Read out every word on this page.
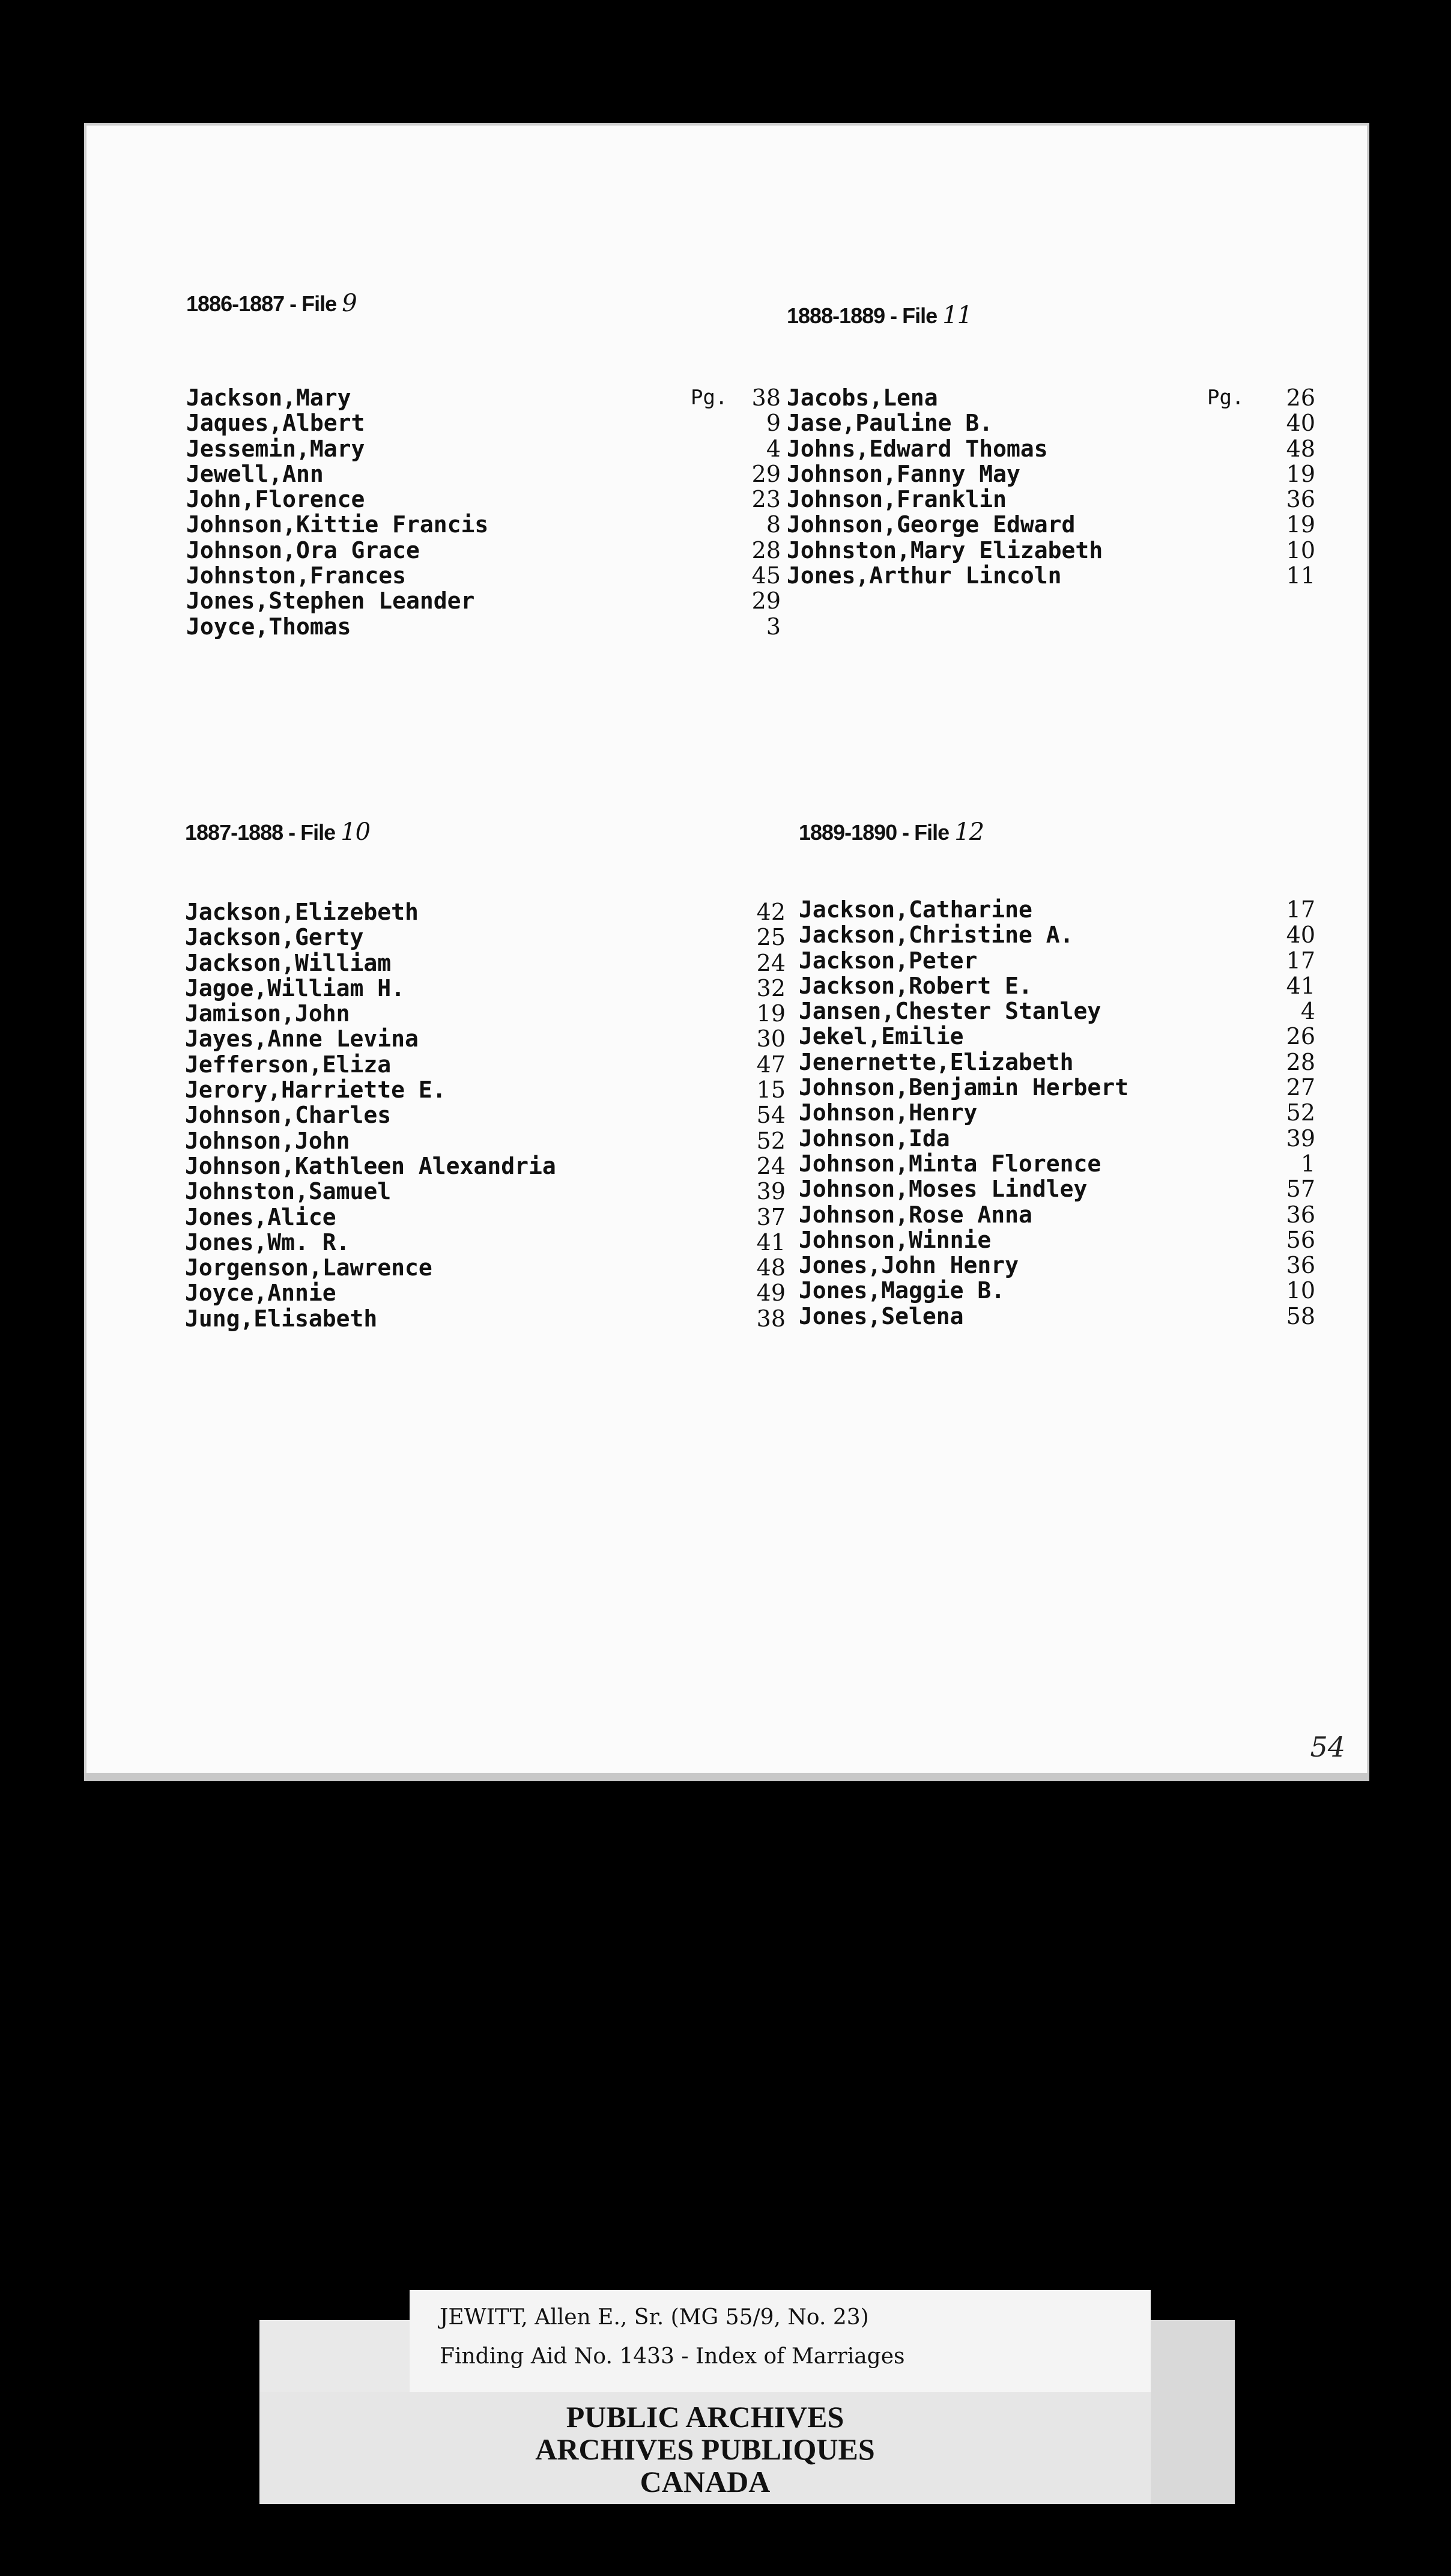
1886-1887 - File 9
Jackson,Mary	Pg.	38
Jaques,Albert	9
Jessemin,Mary	4
Jewell,Ann	29
John,Florence	23
Johnson,Kittie Francis	8
Johnson,Ora Grace	28
Johnston,Frances	45
Jones,Stephen Leander	29
Joyce,Thomas	3
1888-1889 - File 11
Jacobs,Lena	Pg.	26
Jase,Pauline B.	40
Johns,Edward Thomas	48
Johnson,Fanny May	19
Johnson,Franklin	36
Johnson,George Edward	19
Johnston,Mary Elizabeth	10
Jones,Arthur Lincoln	11
1887-1888 - File 10
Jackson,Elizebeth	42
Jackson,Gerty	25
Jackson,William	24
Jagoe,William H.	32
Jamison,John	19
Jayes,Anne Levina	30
Jefferson,Eliza	47
Jerory,Harriette E.	15
Johnson,Charles	54
Johnson,John	52
Johnson,Kathleen Alexandria	24
Johnston,Samuel	39
Jones,Alice	37
Jones,Wm. R.	41
Jorgenson,Lawrence	48
Joyce,Annie	49
Jung,Elisabeth	38
1889-1890 - File 12
Jackson,Catharine	17
Jackson,Christine A.	40
Jackson,Peter	17
Jackson,Robert E.	41
Jansen,Chester Stanley	4
Jekel,Emilie	26
Jenernette,Elizabeth	28
Johnson,Benjamin Herbert	27
Johnson,Henry	52
Johnson,Ida	39
Johnson,Minta Florence	1
Johnson,Moses Lindley	57
Johnson,Rose Anna	36
Johnson,Winnie	56
Jones,John Henry	36
Jones,Maggie B.	10
Jones,Selena	58
54
JEWITT, Allen E., Sr. (MG 55/9, No. 23)
Finding Aid No. 1433 - Index of Marriages
PUBLIC ARCHIVES
ARCHIVES PUBLIQUES
CANADA
